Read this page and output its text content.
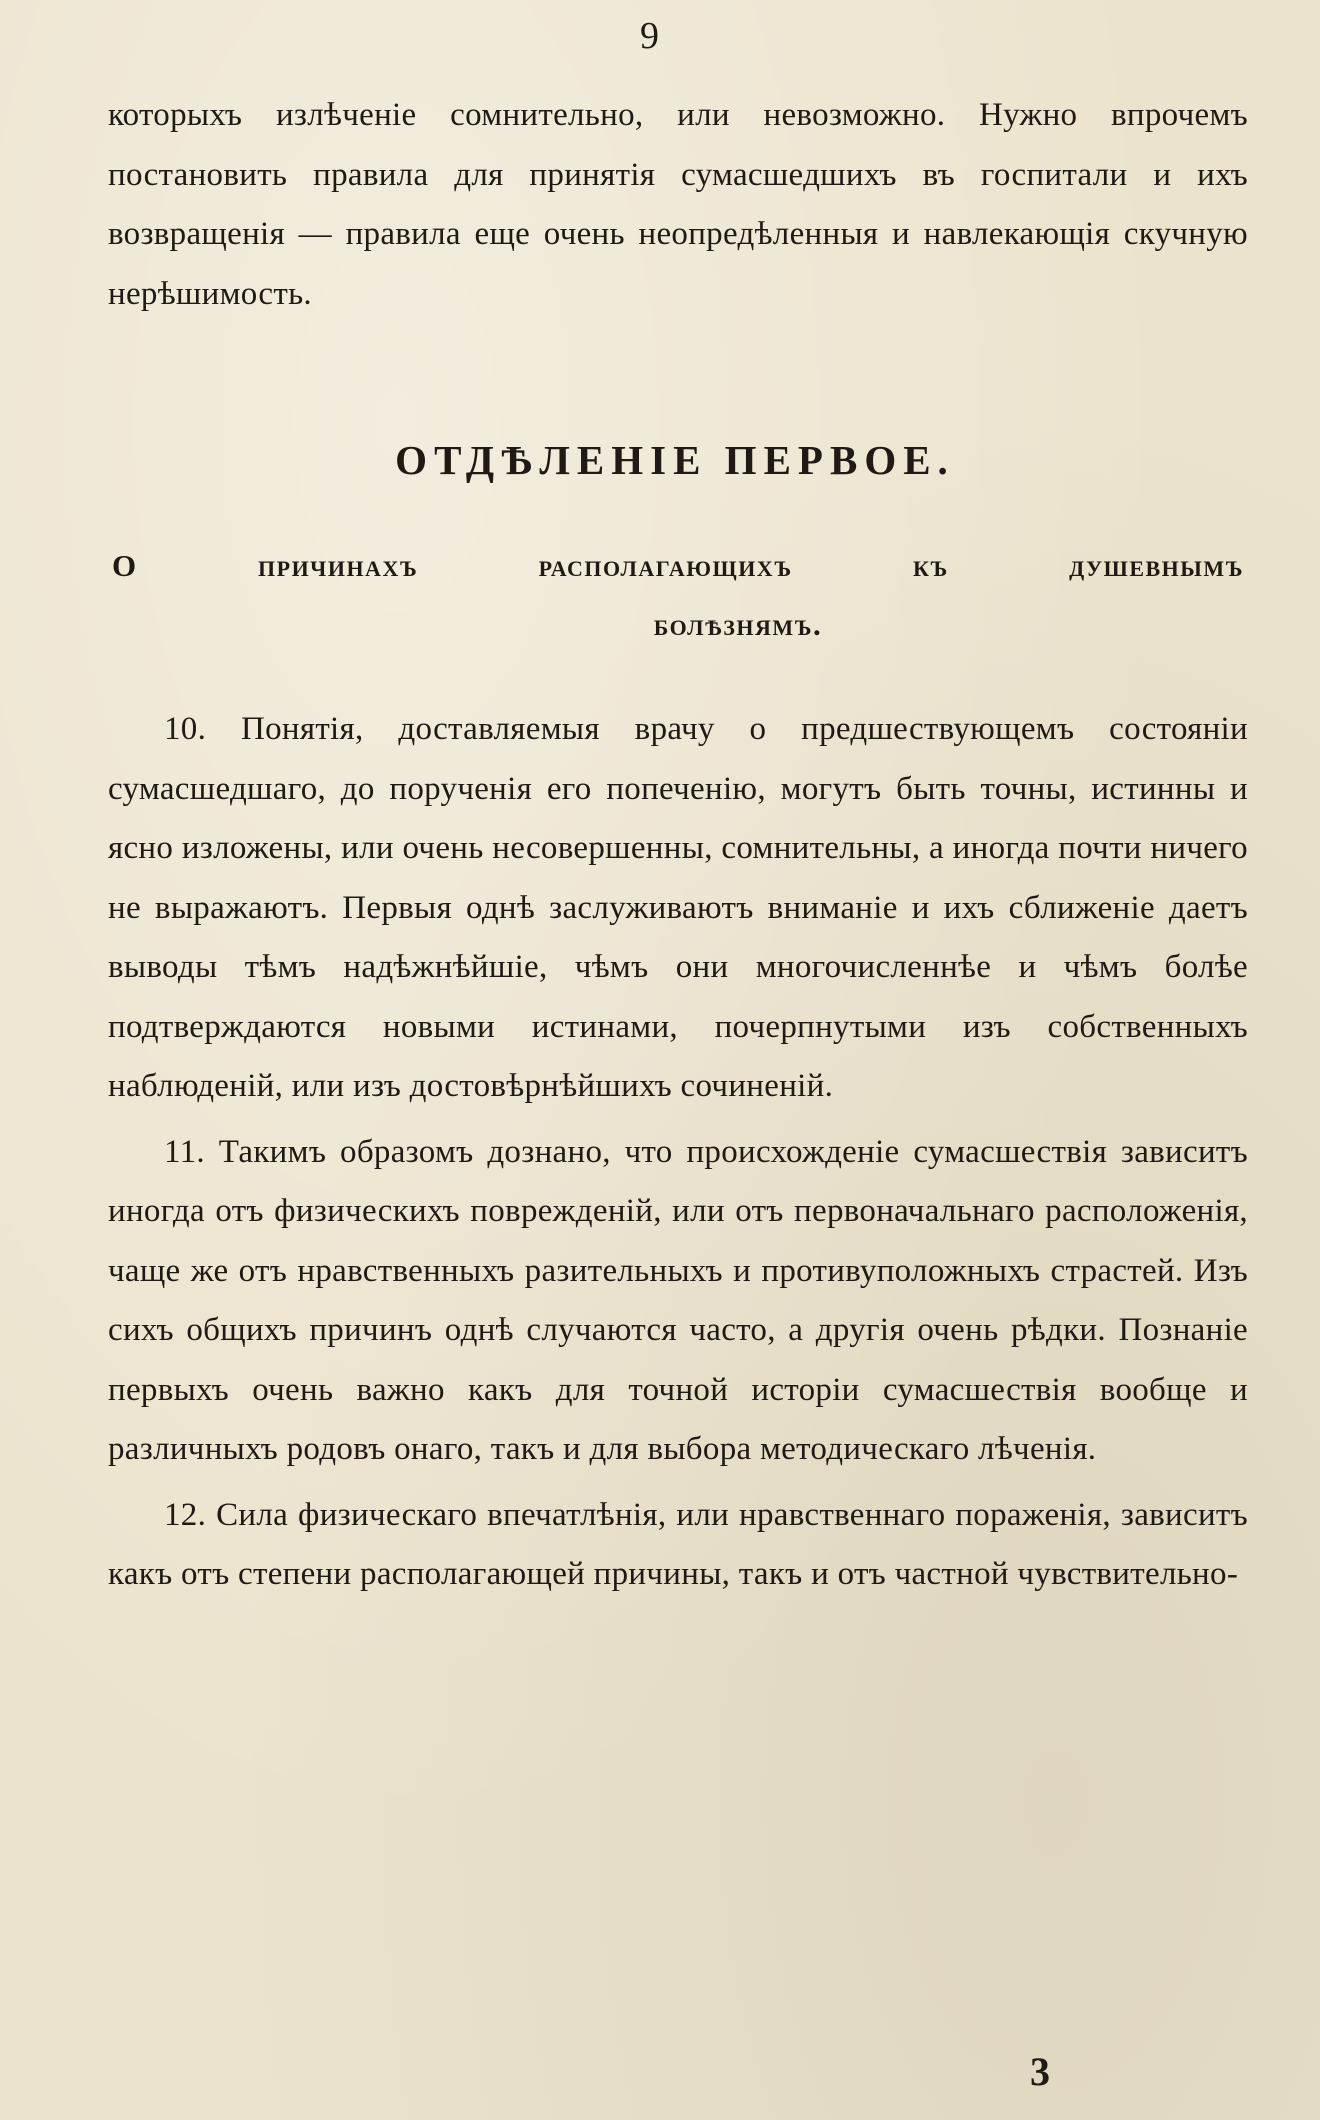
9

которыхъ излѣченіе сомнительно, или невозможно. Нужно впрочемъ постановить правила для принятія сумасшедшихъ въ госпитали и ихъ возвращенія — правила еще очень неопредѣленныя и навлекающія скучную нерѣшимость.

ОТДѢЛЕНІЕ ПЕРВОЕ.
О причинахъ располагающихъ къ душевнымъ
болѣзнямъ.

10. Понятія, доставляемыя врачу о предшествующемъ состояніи сумасшедшаго, до порученія его попеченію, могутъ быть точны, истинны и ясно изложены, или очень несовершенны, сомнительны, а иногда почти ничего не выражаютъ. Первыя однѣ заслуживаютъ вниманіе и ихъ сближеніе даетъ выводы тѣмъ надѣжнѣйшіе, чѣмъ они многочисленнѣе и чѣмъ болѣе подтверждаются новыми истинами, почерпнутыми изъ собственныхъ наблюденій, или изъ достовѣрнѣйшихъ сочиненій.

11. Такимъ образомъ дознано, что происхожденіе сумасшествія зависитъ иногда отъ физическихъ поврежденій, или отъ первоначальнаго расположенія, чаще же отъ нравственныхъ разительныхъ и противуположныхъ страстей. Изъ сихъ общихъ причинъ однѣ случаются часто, а другія очень рѣдки. Познаніе первыхъ очень важно какъ для точной исторіи сумасшествія вообще и различныхъ родовъ онаго, такъ и для выбора методическаго лѣченія.

12. Сила физическаго впечатлѣнія, или нравственнаго пораженія, зависитъ какъ отъ степени располагающей причины, такъ и отъ частной чувствительно-

3
